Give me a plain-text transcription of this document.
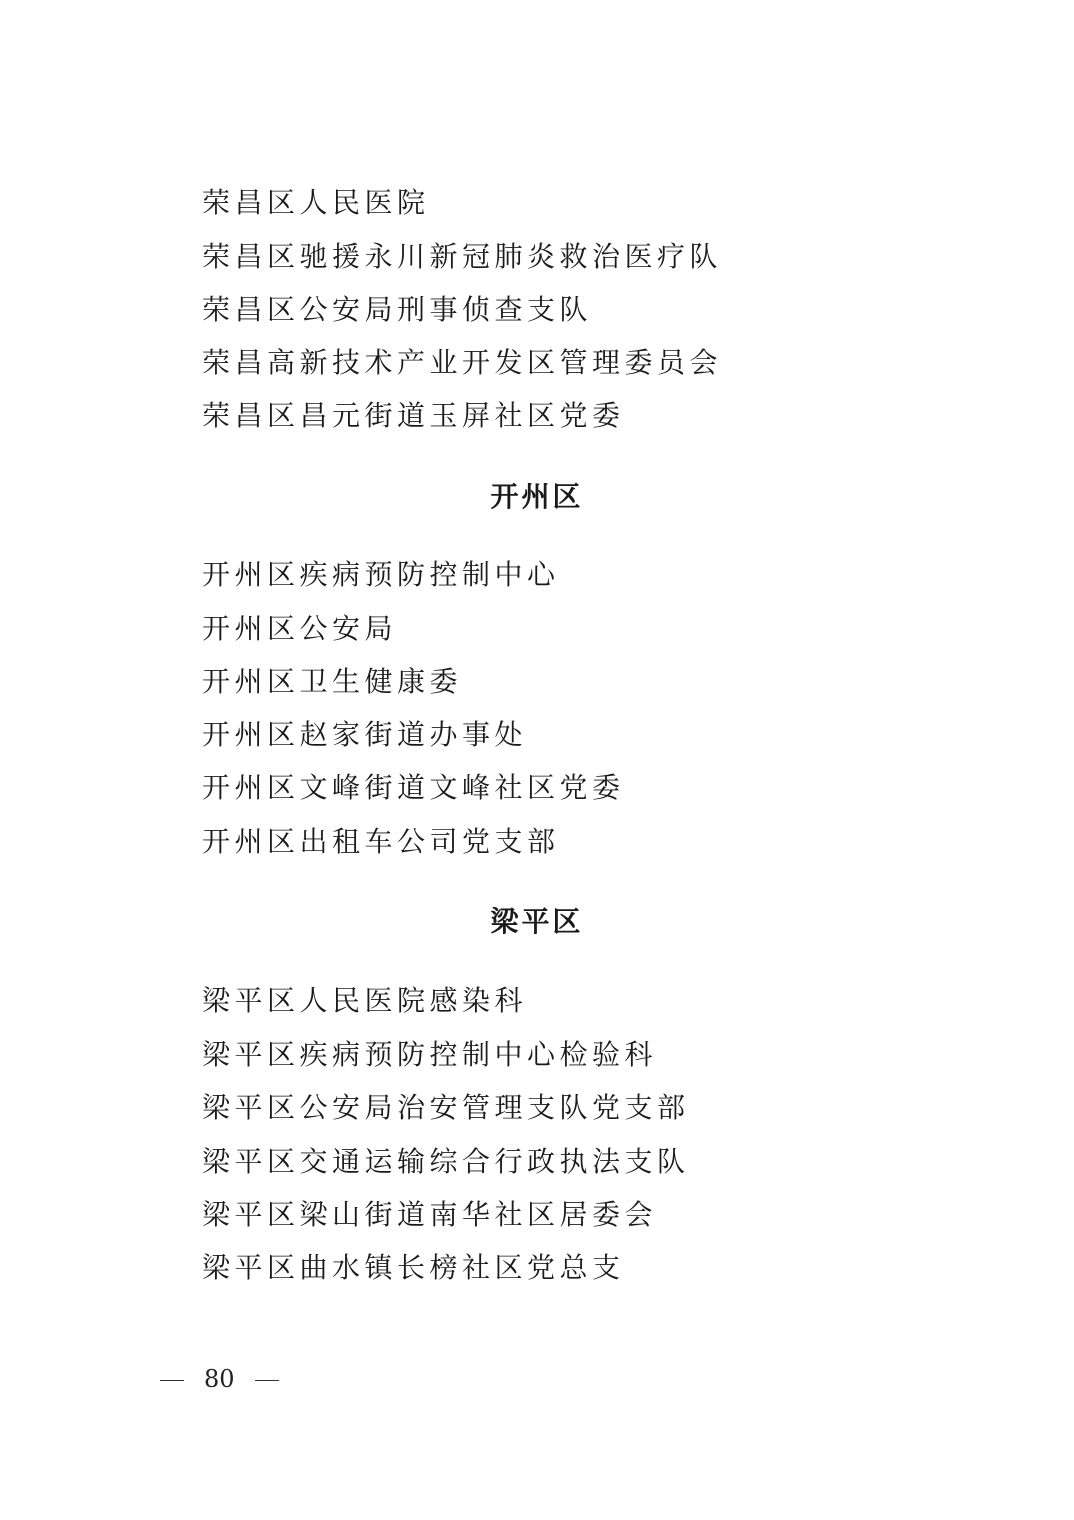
荣昌区人民医院
荣昌区驰援永川新冠肺炎救治医疗队
荣昌区公安局刑事侦查支队
荣昌高新技术产业开发区管理委员会
荣昌区昌元街道玉屏社区党委
开州区
开州区疾病预防控制中心
开州区公安局
开州区卫生健康委
开州区赵家街道办事处
开州区文峰街道文峰社区党委
开州区出租车公司党支部
梁平区
梁平区人民医院感染科
梁平区疾病预防控制中心检验科
梁平区公安局治安管理支队党支部
梁平区交通运输综合行政执法支队
梁平区梁山街道南华社区居委会
梁平区曲水镇长榜社区党总支
80
